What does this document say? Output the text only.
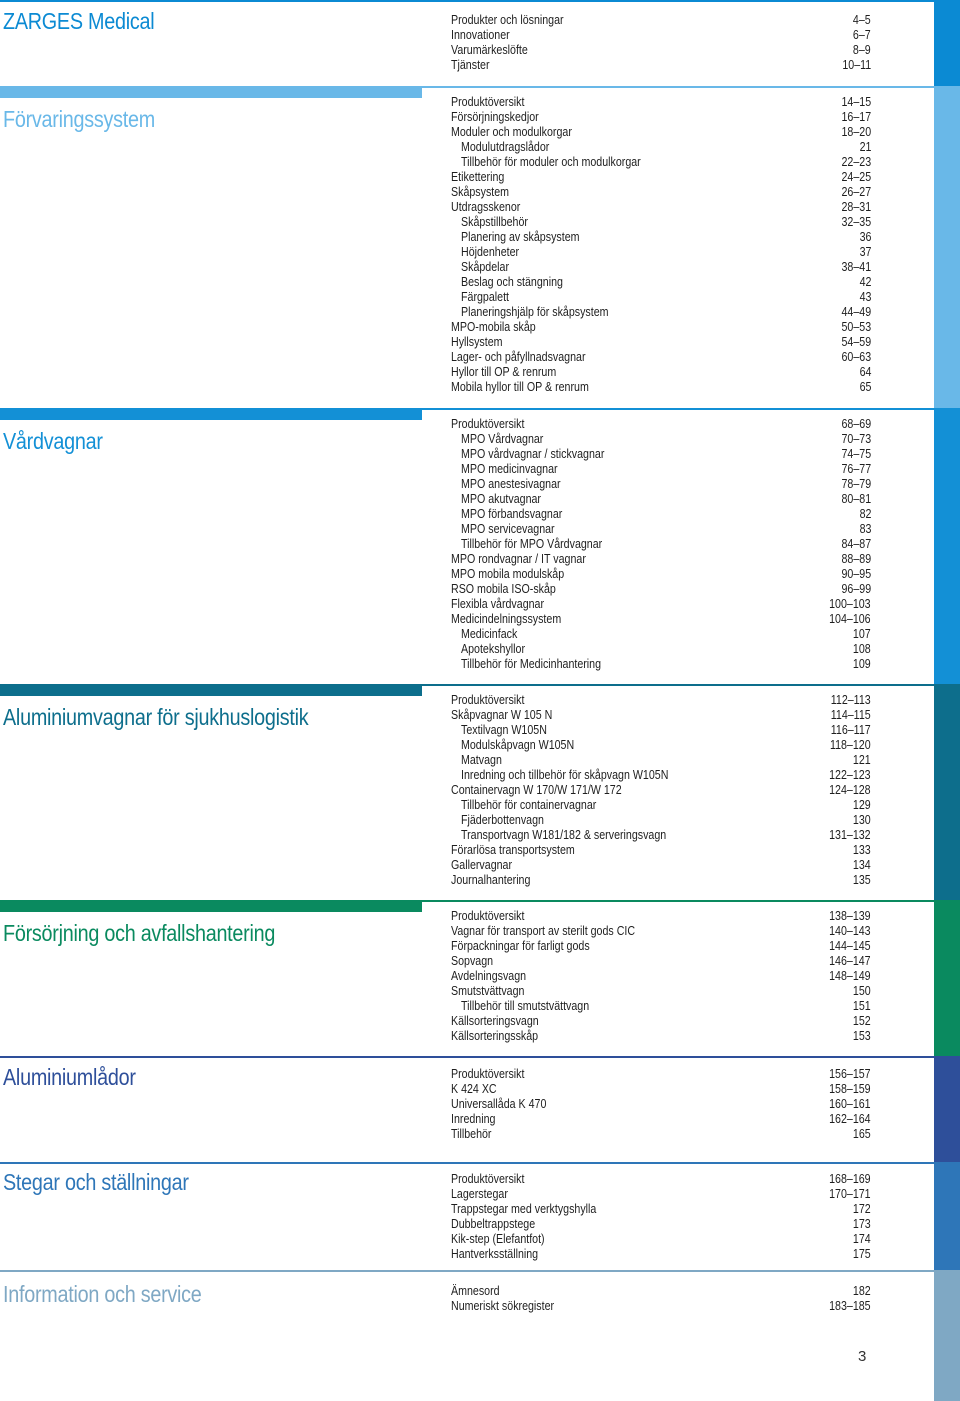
ZARGES Medical	Produkter och lösningar	4–5
Innovationer	6–7
Varumärkeslöfte	8–9
Tjänster	10–11
Förvaringssystem
Produktöversikt	14–15
Försörjningskedjor	16–17
Moduler och modulkorgar	18–20
Modulutdragslådor	21
Tillbehör för moduler och modulkorgar	22–23
Etikettering	24–25
Skåpsystem	26–27
Utdragsskenor	28–31
Skåpstillbehör	32–35
Planering av skåpsystem	36
Höjdenheter	37
Skåpdelar	38–41
Beslag och stängning	42
Färgpalett	43
Planeringshjälp för skåpsystem	44–49
MPO-mobila skåp	50–53
Hyllsystem	54–59
Lager- och påfyllnadsvagnar	60–63
Hyllor till OP & renrum	64
Mobila hyllor till OP & renrum	65
Vårdvagnar
Produktöversikt	68–69
MPO Vårdvagnar	70–73
MPO vårdvagnar / stickvagnar	74–75
MPO medicinvagnar	76–77
MPO anestesivagnar	78–79
MPO akutvagnar	80–81
MPO förbandsvagnar	82
MPO servicevagnar	83
Tillbehör för MPO Vårdvagnar	84–87
MPO rondvagnar / IT vagnar	88–89
MPO mobila modulskåp	90–95
RSO mobila ISO-skåp	96–99
Flexibla vårdvagnar	100–103
Medicindelningssystem	104–106
Medicinfack	107
Apotekshyllor	108
Tillbehör för Medicinhantering	109
Aluminiumvagnar för sjukhuslogistik
Produktöversikt	112–113
Skåpvagnar W 105 N	114–115
Textilvagn W105N	116–117
Modulskåpvagn W105N	118–120
Matvagn	121
Inredning och tillbehör för skåpvagn W105N	122–123
Containervagn W 170/W 171/W 172	124–128
Tillbehör för containervagnar	129
Fjäderbottenvagn	130
Transportvagn W181/182 & serveringsvagn	131–132
Förarlösa transportsystem	133
Gallervagnar	134
Journalhantering	135
Försörjning och avfallshantering
Produktöversikt	138–139
Vagnar för transport av sterilt gods CIC	140–143
Förpackningar för farligt gods	144–145
Sopvagn	146–147
Avdelningsvagn	148–149
Smutstvättvagn	150
Tillbehör till smutstvättvagn	151
Källsorteringsvagn	152
Källsorteringsskåp	153
Aluminiumlådor	Produktöversikt	156–157
K 424 XC	158–159
Universallåda K 470	160–161
Inredning	162–164
Tillbehör	165
Stegar och ställningar	Produktöversikt	168–169
Lagerstegar	170–171
Trappstegar med verktygshylla	172
Dubbeltrappstege	173
Kik-step (Elefantfot)	174
Hantverksställning	175
Information och service	Ämnesord	182
Numeriskt sökregister	183–185
3
